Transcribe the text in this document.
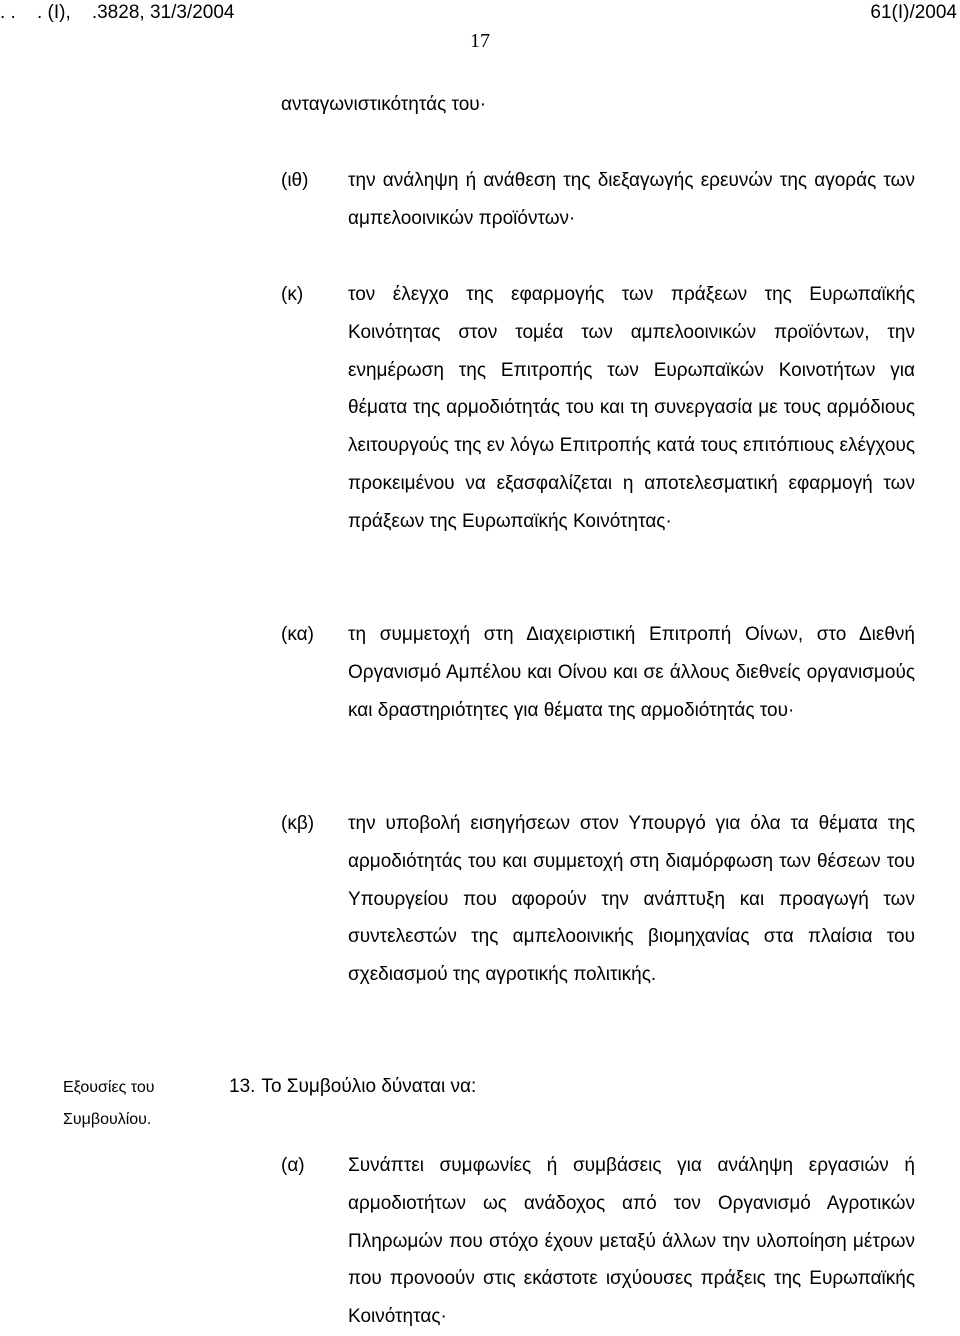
. .    . (Ι),    .3828, 31/3/2004	61(Ι)/2004
17
ανταγωνιστικότητάς του·
(ιθ) την ανάληψη ή ανάθεση της διεξαγωγής ερευνών της αγοράς των αμπελοοινικών προϊόντων·
(κ) τον έλεγχο της εφαρμογής των πράξεων της Ευρωπαϊκής Κοινότητας στον τομέα των αμπελοοινικών προϊόντων, την ενημέρωση της Επιτροπής των Ευρωπαϊκών Κοινοτήτων για θέματα της αρμοδιότητάς του και τη συνεργασία με τους αρμόδιους λειτουργούς της εν λόγω Επιτροπής κατά τους επιτόπιους ελέγχους προκειμένου να εξασφαλίζεται η αποτελεσματική εφαρμογή των πράξεων της Ευρωπαϊκής Κοινότητας·
(κα) τη συμμετοχή στη Διαχειριστική Επιτροπή Οίνων, στο Διεθνή Οργανισμό Αμπέλου και Οίνου και σε άλλους διεθνείς οργανισμούς και δραστηριότητες για θέματα της αρμοδιότητάς του·
(κβ) την υποβολή εισηγήσεων στον Υπουργό για όλα τα θέματα της αρμοδιότητάς του και συμμετοχή στη διαμόρφωση των θέσεων του Υπουργείου που αφορούν την ανάπτυξη και προαγωγή των συντελεστών της αμπελοοινικής βιομηχανίας στα πλαίσια του σχεδιασμού της αγροτικής πολιτικής.
Εξουσίες του Συμβουλίου.
13. Το Συμβούλιο δύναται να:
(α) Συνάπτει συμφωνίες ή συμβάσεις για ανάληψη εργασιών ή αρμοδιοτήτων ως ανάδοχος από τον Οργανισμό Αγροτικών Πληρωμών που στόχο έχουν μεταξύ άλλων την υλοποίηση μέτρων που προνοούν στις εκάστοτε ισχύουσες πράξεις της Ευρωπαϊκής Κοινότητας·
